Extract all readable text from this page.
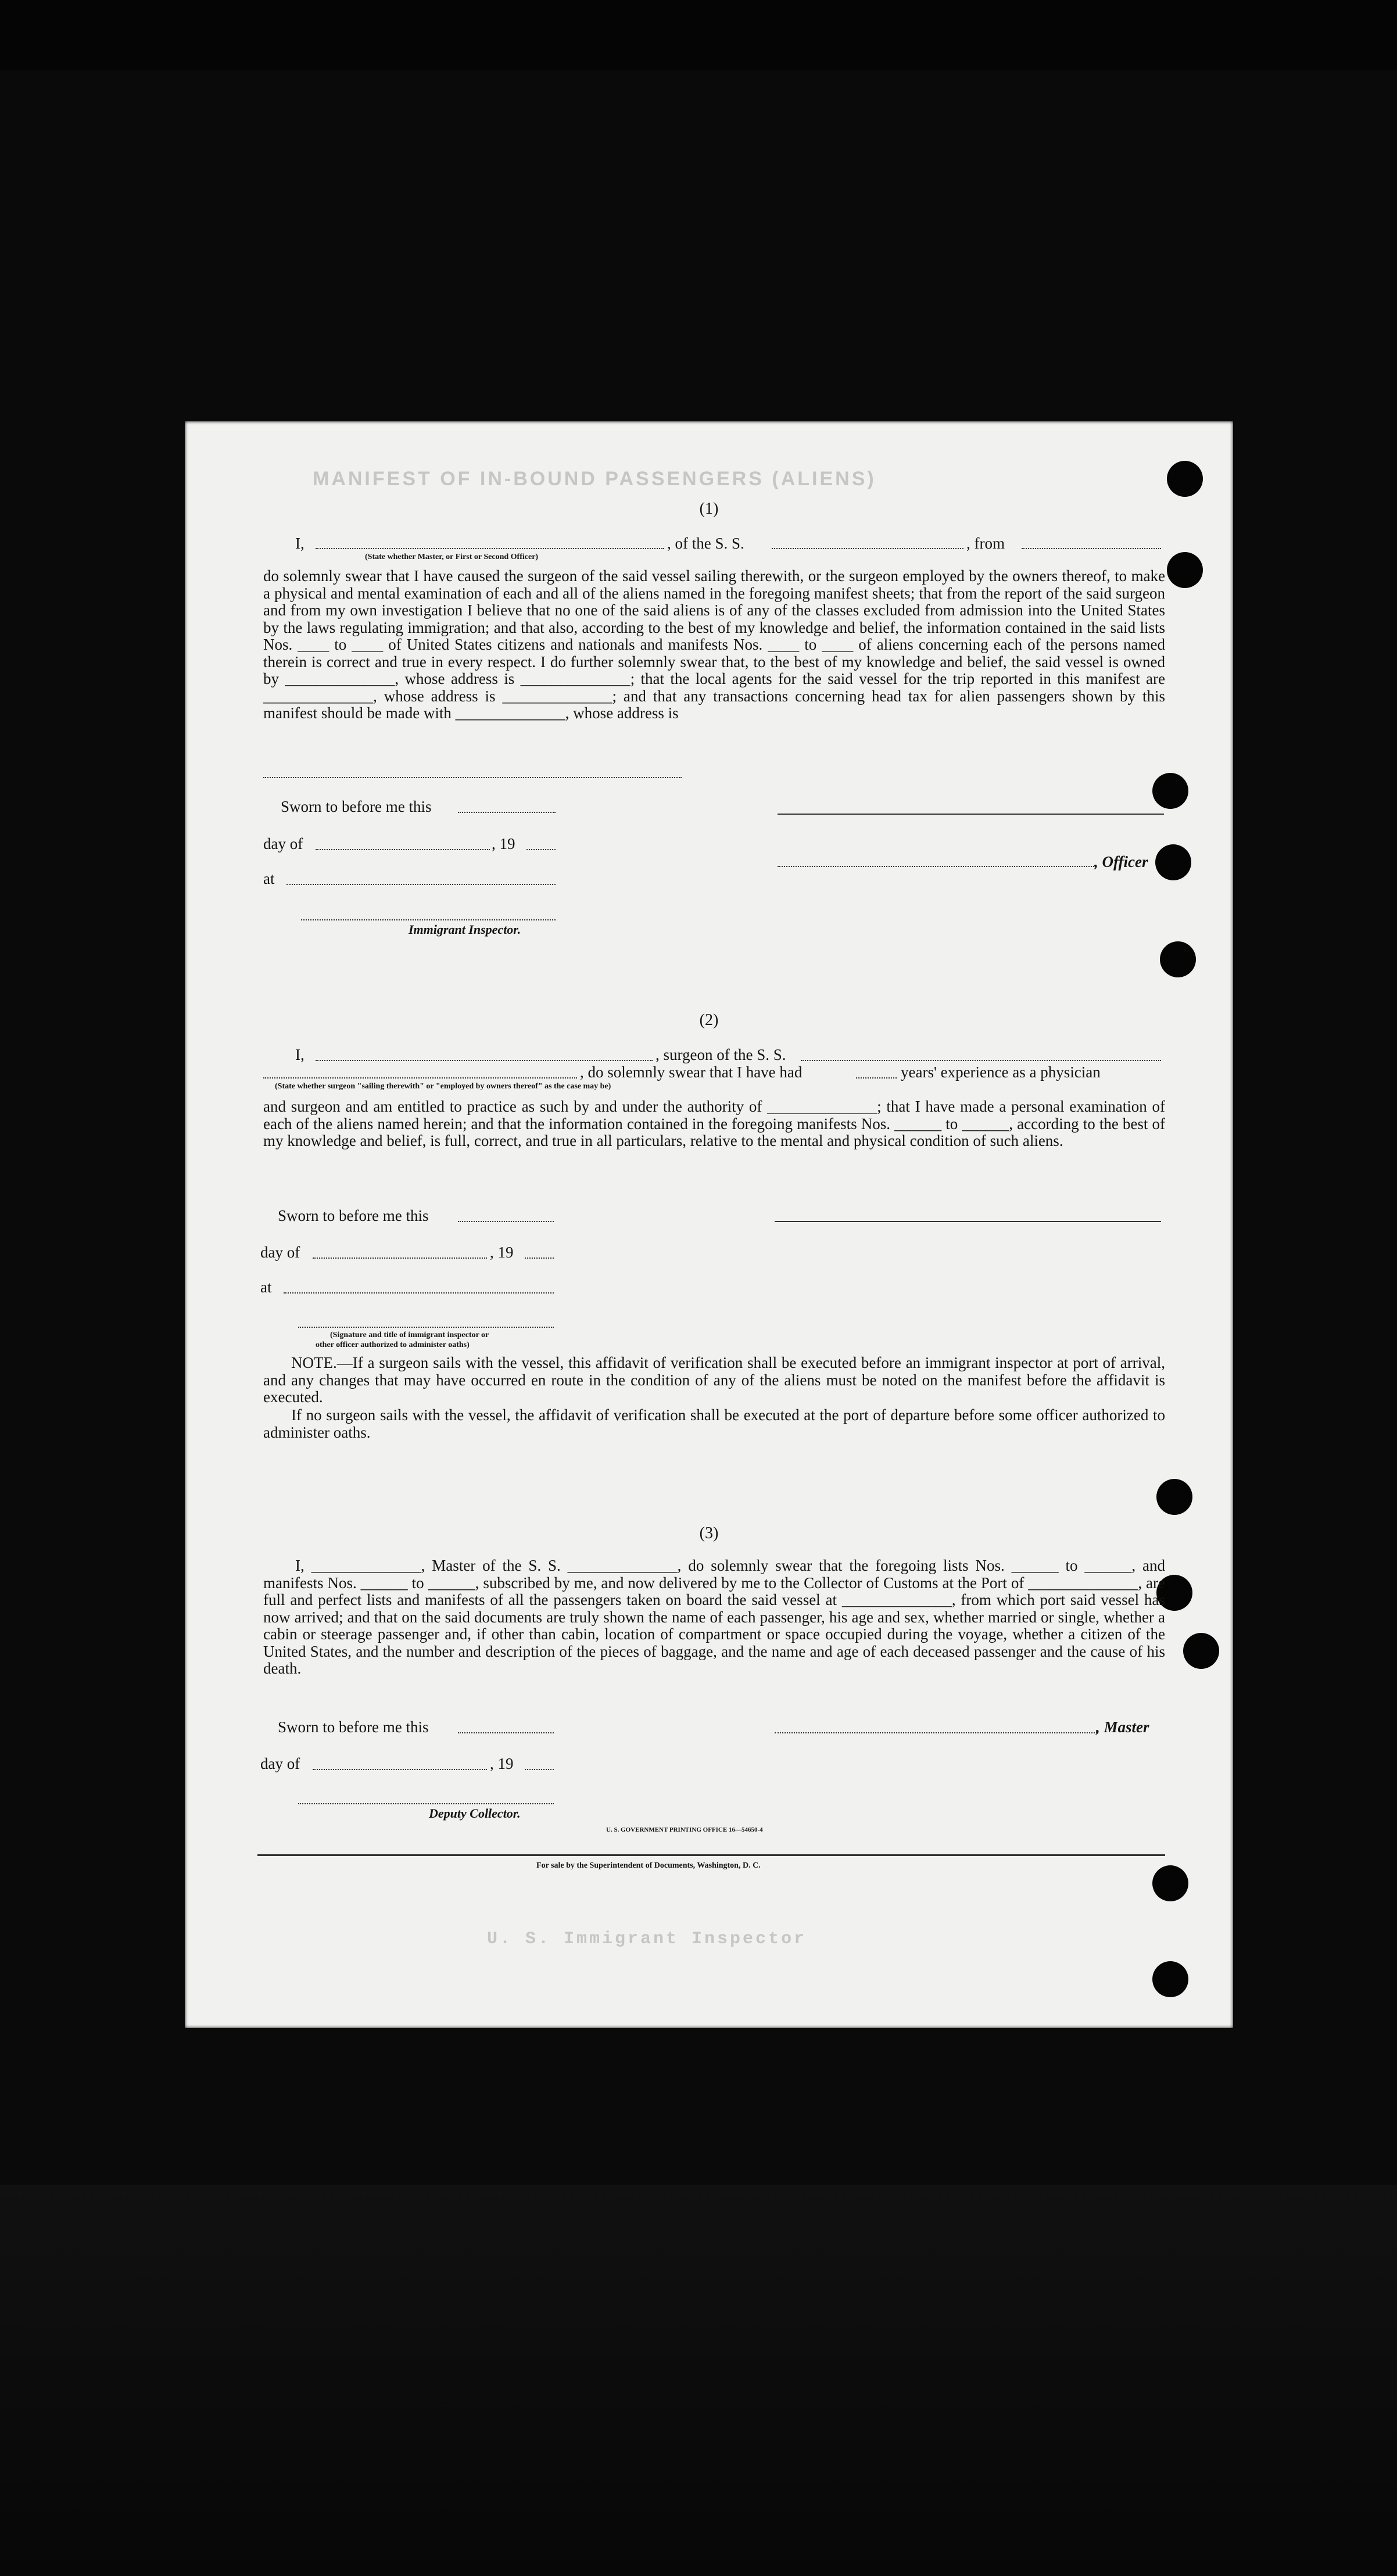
MANIFEST OF IN-BOUND PASSENGERS (ALIENS)
U. S. Immigrant Inspector
(1)
I,	, of the S. S.	, from
(State whether Master, or First or Second Officer)
do solemnly swear that I have caused the surgeon of the said vessel sailing therewith, or the surgeon employed by the owners thereof, to make a physical and mental examination of each and all of the aliens named in the foregoing manifest sheets; that from the report of the said surgeon and from my own investigation I believe that no one of the said aliens is of any of the classes excluded from admission into the United States by the laws regulating immigration; and that also, according to the best of my knowledge and belief, the information contained in the said lists Nos. ____ to ____ of United States citizens and nationals and manifests Nos. ____ to ____ of aliens concerning each of the persons named therein is correct and true in every respect. I do further solemnly swear that, to the best of my knowledge and belief, the said vessel is owned by ______________, whose address is ______________; that the local agents for the said vessel for the trip reported in this manifest are ______________, whose address is ______________; and that any transactions concerning head tax for alien passengers shown by this manifest should be made with ______________, whose address is
Sworn to before me this
day of	, 19
, Officer
at
Immigrant Inspector.
(2)
I,	, surgeon of the S. S.
, do solemnly swear that I have had	years' experience as a physician
(State whether surgeon "sailing therewith" or "employed by owners thereof" as the case may be)
and surgeon and am entitled to practice as such by and under the authority of ______________; that I have made a personal examination of each of the aliens named herein; and that the information contained in the foregoing manifests Nos. ______ to ______, according to the best of my knowledge and belief, is full, correct, and true in all particulars, relative to the mental and physical condition of such aliens.
Sworn to before me this
day of	, 19
at
(Signature and title of immigrant inspector or
other officer authorized to administer oaths)
NOTE.—If a surgeon sails with the vessel, this affidavit of verification shall be executed before an immigrant inspector at port of arrival, and any changes that may have occurred en route in the condition of any of the aliens must be noted on the manifest before the affidavit is executed.
If no surgeon sails with the vessel, the affidavit of verification shall be executed at the port of departure before some officer authorized to administer oaths.
(3)
I, ______________, Master of the S. S. ______________, do solemnly swear that the foregoing lists Nos. ______ to ______, and manifests Nos. ______ to ______, subscribed by me, and now delivered by me to the Collector of Customs at the Port of ______________, are full and perfect lists and manifests of all the passengers taken on board the said vessel at ______________, from which port said vessel has now arrived; and that on the said documents are truly shown the name of each passenger, his age and sex, whether married or single, whether a cabin or steerage passenger and, if other than cabin, location of compartment or space occupied during the voyage, whether a citizen of the United States, and the number and description of the pieces of baggage, and the name and age of each deceased passenger and the cause of his death.
Sworn to before me this	, Master
day of	, 19
Deputy Collector.
U. S. GOVERNMENT PRINTING OFFICE 16—54650-4
For sale by the Superintendent of Documents, Washington, D. C.
